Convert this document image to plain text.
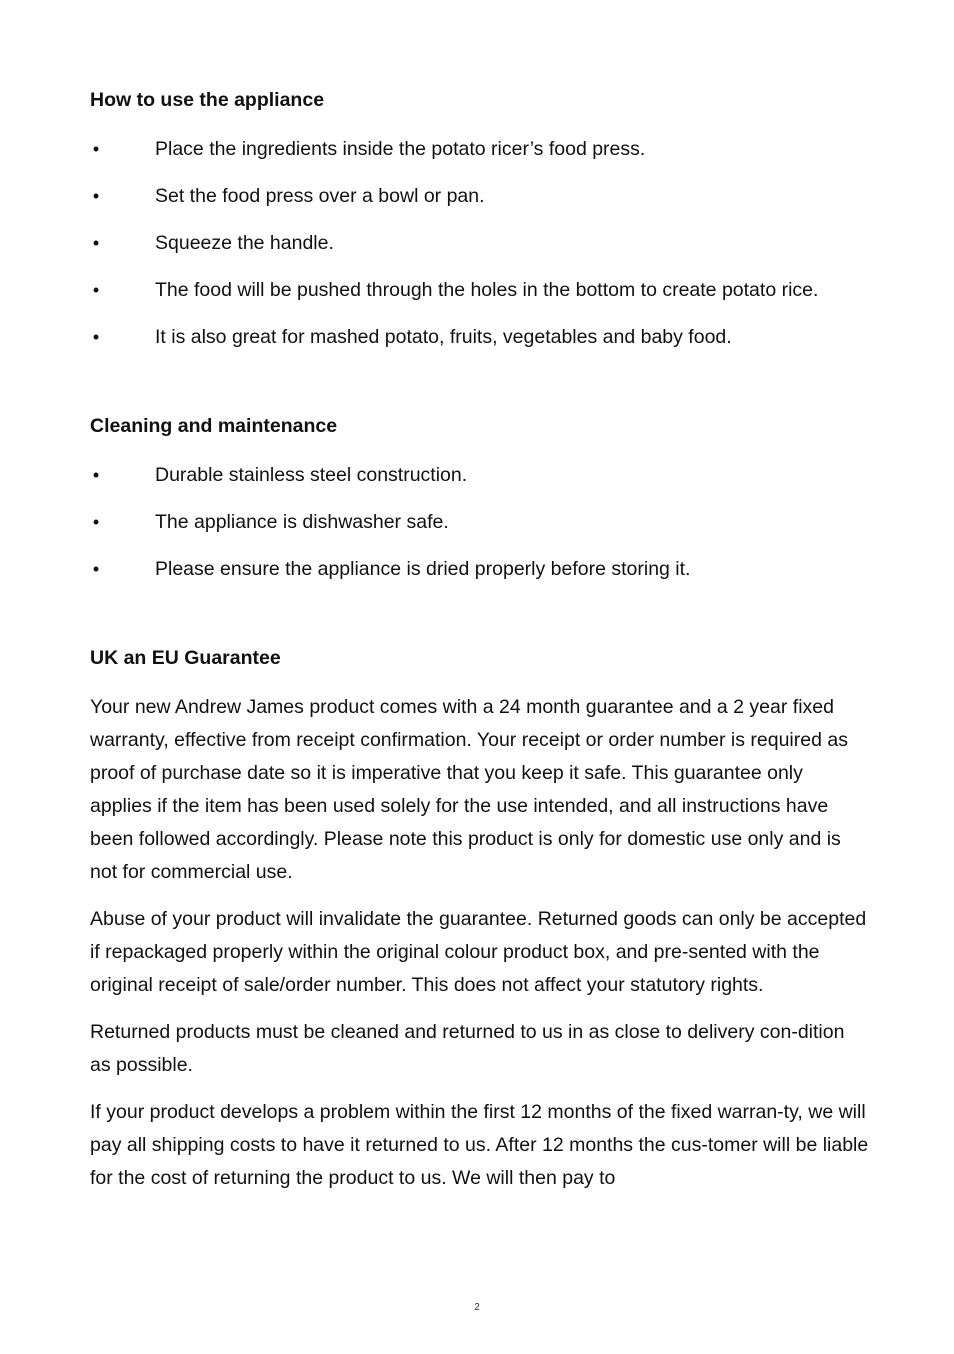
How to use the appliance
•	Place the ingredients inside the potato ricer’s food press.
•	Set the food press over a bowl or pan.
•	Squeeze the handle.
•	The food will be pushed through the holes in the bottom to create potato rice.
•	It is also great for mashed potato, fruits, vegetables and baby food.
Cleaning and maintenance
•	Durable stainless steel construction.
•	The appliance is dishwasher safe.
•	Please ensure the appliance is dried properly before storing it.
UK an EU Guarantee

Your new Andrew James product comes with a 24 month guarantee and a 2 year fixed warranty, effective from receipt confirmation. Your receipt or order number is required as proof of purchase date so it is imperative that you keep it safe. This guarantee only applies if the item has been used solely for the use intended, and all instructions have been followed accordingly. Please note this product is only for domestic use only and is not for commercial use.

Abuse of your product will invalidate the guarantee. Returned goods can only be accepted if repackaged properly within the original colour product box, and pre-sented with the original receipt of sale/order number. This does not affect your statutory rights.

Returned products must be cleaned and returned to us in as close to delivery con-dition as possible.

If your product develops a problem within the first 12 months of the fixed warran-ty, we will pay all shipping costs to have it returned to us. After 12 months the cus-tomer will be liable for the cost of returning the product to us. We will then pay to

2
